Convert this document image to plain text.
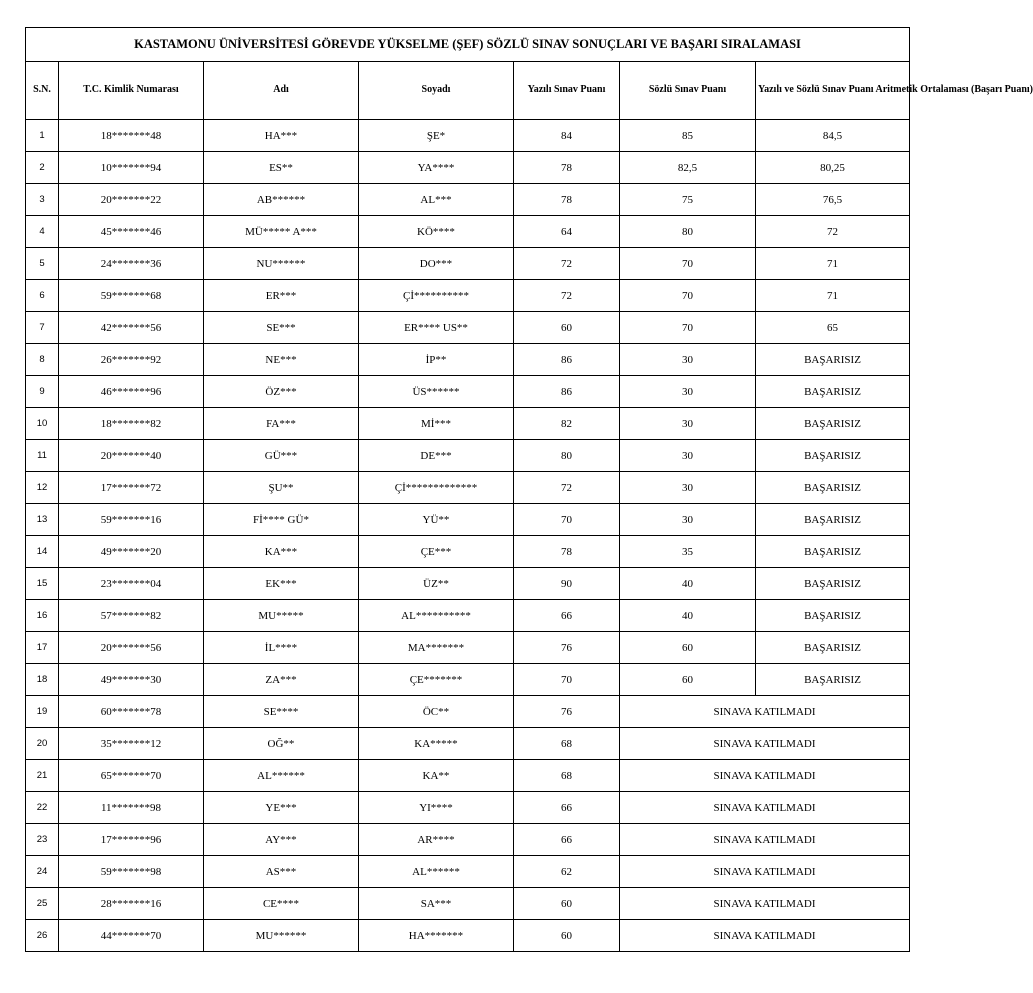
KASTAMONU ÜNİVERSİTESİ GÖREVDE YÜKSELME (ŞEF) SÖZLÜ SINAV SONUÇLARI VE BAŞARI SIRALAMASI						
S.N.	T.C. Kimlik Numarası	Adı	Soyadı	Yazılı Sınav Puanı	Sözlü Sınav Puanı	Yazılı ve Sözlü Sınav Puanı Aritmetik Ortalaması (Başarı Puanı)
1	18*******48	HA***	ŞE*	84	85	84,5
2	10*******94	ES**	YA****	78	82,5	80,25
3	20*******22	AB******	AL***	78	75	76,5
4	45*******46	MÜ***** A***	KÖ****	64	80	72
5	24*******36	NU******	DO***	72	70	71
6	59*******68	ER***	Çİ**********	72	70	71
7	42*******56	SE***	ER**** US**	60	70	65
8	26*******92	NE***	İP**	86	30	BAŞARISIZ
9	46*******96	ÖZ***	ÜS******	86	30	BAŞARISIZ
10	18*******82	FA***	Mİ***	82	30	BAŞARISIZ
11	20*******40	GÜ***	DE***	80	30	BAŞARISIZ
12	17*******72	ŞU**	Çİ*************	72	30	BAŞARISIZ
13	59*******16	Fİ**** GÜ*	YÜ**	70	30	BAŞARISIZ
14	49*******20	KA***	ÇE***	78	35	BAŞARISIZ
15	23*******04	EK***	ÜZ**	90	40	BAŞARISIZ
16	57*******82	MU*****	AL**********	66	40	BAŞARISIZ
17	20*******56	İL****	MA*******	76	60	BAŞARISIZ
18	49*******30	ZA***	ÇE*******	70	60	BAŞARISIZ
19	60*******78	SE****	ÖC**	76	SINAVA KATILMADI	
20	35*******12	OĞ**	KA*****	68	SINAVA KATILMADI	
21	65*******70	AL******	KA**	68	SINAVA KATILMADI	
22	11*******98	YE***	YI****	66	SINAVA KATILMADI	
23	17*******96	AY***	AR****	66	SINAVA KATILMADI	
24	59*******98	AS***	AL******	62	SINAVA KATILMADI	
25	28*******16	CE****	SA***	60	SINAVA KATILMADI	
26	44*******70	MU******	HA*******	60	SINAVA KATILMADI	
